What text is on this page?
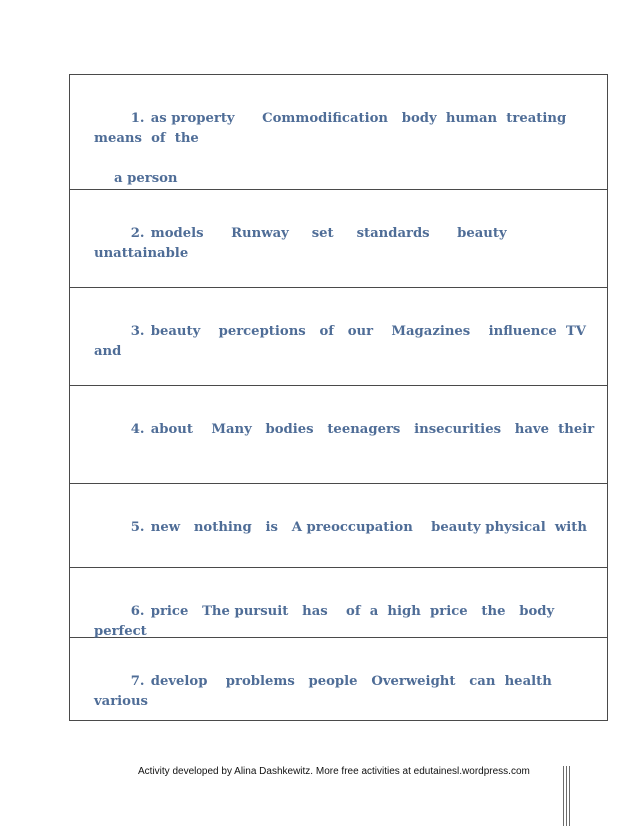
1. as property      Commodification   body  human  treating  means  of  the

a person

2. models      Runway     set     standards      beauty    unattainable

3. beauty    perceptions   of   our    Magazines    influence  TV    and

4. about    Many   bodies   teenagers   insecurities   have  their

5. new   nothing   is   A preoccupation    beauty physical  with

6. price   The pursuit   has    of  a  high  price   the   body   perfect

7. develop    problems   people   Overweight   can  health  various

Activity developed by Alina Dashkewitz. More free activities at edutainesl.wordpress.com
